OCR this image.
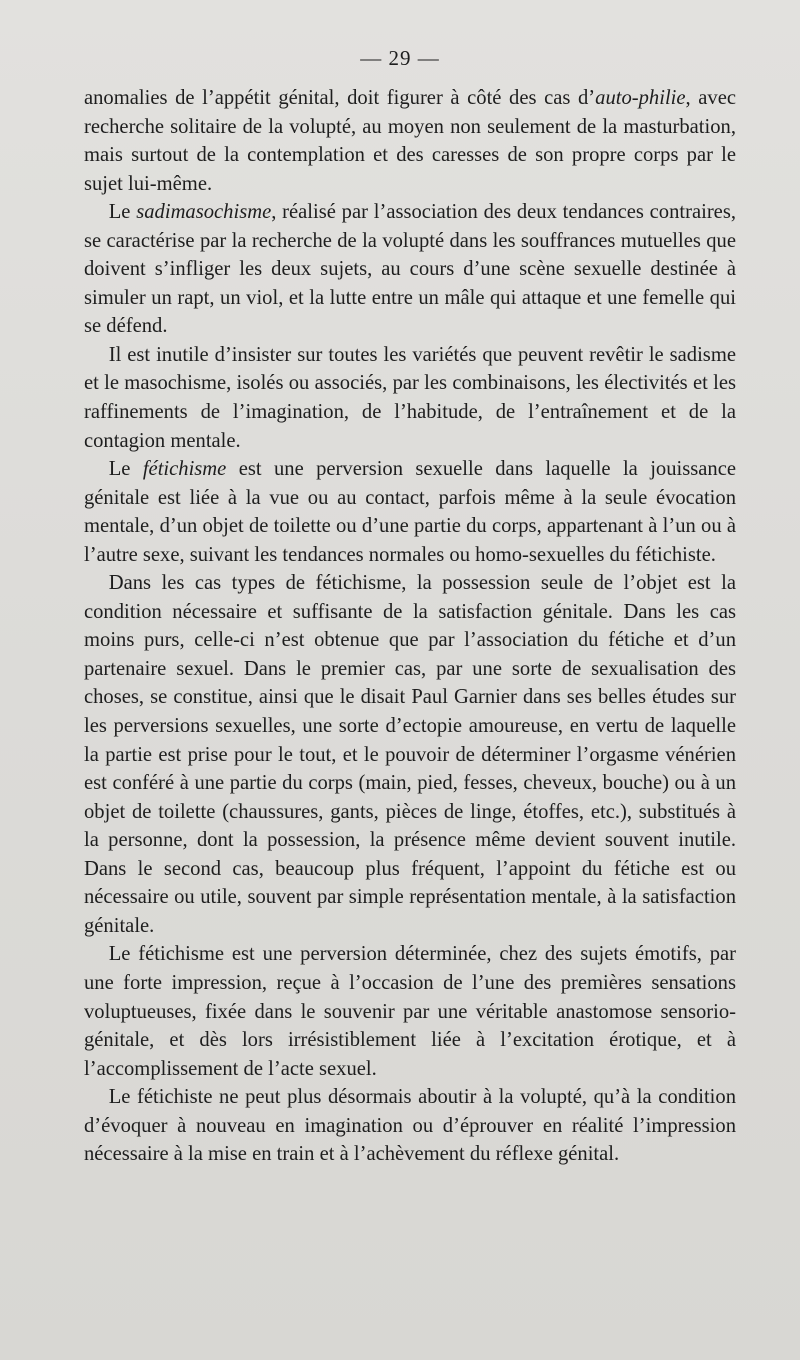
— 29 —

anomalies de l’appétit génital, doit figurer à côté des cas d’auto-philie, avec recherche solitaire de la volupté, au moyen non seulement de la masturbation, mais surtout de la contemplation et des caresses de son propre corps par le sujet lui-même.

Le sadimasochisme, réalisé par l’association des deux tendances contraires, se caractérise par la recherche de la volupté dans les souffrances mutuelles que doivent s’infliger les deux sujets, au cours d’une scène sexuelle destinée à simuler un rapt, un viol, et la lutte entre un mâle qui attaque et une femelle qui se défend.

Il est inutile d’insister sur toutes les variétés que peuvent revêtir le sadisme et le masochisme, isolés ou associés, par les combinaisons, les électivités et les raffinements de l’imagination, de l’habitude, de l’entraînement et de la contagion mentale.

Le fétichisme est une perversion sexuelle dans laquelle la jouissance génitale est liée à la vue ou au contact, parfois même à la seule évocation mentale, d’un objet de toilette ou d’une partie du corps, appartenant à l’un ou à l’autre sexe, suivant les tendances normales ou homo-sexuelles du fétichiste.

Dans les cas types de fétichisme, la possession seule de l’objet est la condition nécessaire et suffisante de la satisfaction génitale. Dans les cas moins purs, celle-ci n’est obtenue que par l’association du fétiche et d’un partenaire sexuel. Dans le premier cas, par une sorte de sexualisation des choses, se constitue, ainsi que le disait Paul Garnier dans ses belles études sur les perversions sexuelles, une sorte d’ectopie amoureuse, en vertu de laquelle la partie est prise pour le tout, et le pouvoir de déterminer l’orgasme vénérien est conféré à une partie du corps (main, pied, fesses, cheveux, bouche) ou à un objet de toilette (chaussures, gants, pièces de linge, étoffes, etc.), substitués à la personne, dont la possession, la présence même devient souvent inutile. Dans le second cas, beaucoup plus fréquent, l’appoint du fétiche est ou nécessaire ou utile, souvent par simple représentation mentale, à la satisfaction génitale.

Le fétichisme est une perversion déterminée, chez des sujets émotifs, par une forte impression, reçue à l’occasion de l’une des premières sensations voluptueuses, fixée dans le souvenir par une véritable anastomose sensorio-génitale, et dès lors irrésistiblement liée à l’excitation érotique, et à l’accomplissement de l’acte sexuel.

Le fétichiste ne peut plus désormais aboutir à la volupté, qu’à la condition d’évoquer à nouveau en imagination ou d’éprouver en réalité l’impression nécessaire à la mise en train et à l’achèvement du réflexe génital.
